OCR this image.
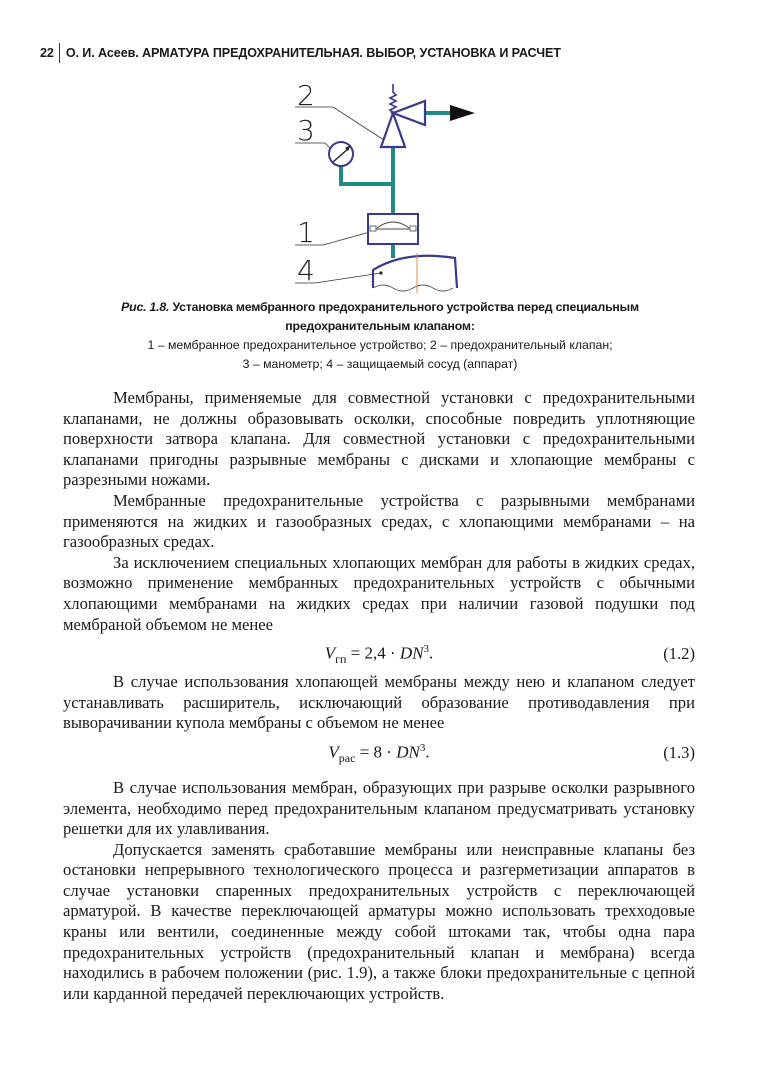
22 О. И. Асеев. АРМАТУРА ПРЕДОХРАНИТЕЛЬНАЯ. ВЫБОР, УСТАНОВКА И РАСЧЕТ
2
3
1
4
Рис. 1.8. Установка мембранного предохранительного устройства перед специальным
предохранительным клапаном:
1 – мембранное предохранительное устройство; 2 – предохранительный клапан;
3 – манометр; 4 – защищаемый сосуд (аппарат)

Мембраны, применяемые для совместной установки с предохранительными клапанами, не должны образовывать осколки, способные повредить уплотняющие поверхности затвора клапана. Для совместной установки с предохранительными клапанами пригодны разрывные мембраны с дисками и хлопающие мембраны с разрезными ножами.

Мембранные предохранительные устройства с разрывными мембранами применяются на жидких и газообразных средах, с хлопающими мембранами – на газообразных средах.

За исключением специальных хлопающих мембран для работы в жидких средах, возможно применение мембранных предохранительных устройств с обычными хлопающими мембранами на жидких средах при наличии газовой подушки под мембраной объемом не менее

$V_{гп} = 2,4 \cdot DN^3$.	(1.2)

В случае использования хлопающей мембраны между нею и клапаном следует устанавливать расширитель, исключающий образование противодавления при выворачивании купола мембраны с объемом не менее

$V_{рас} = 8 \cdot DN^3$.	(1.3)

В случае использования мембран, образующих при разрыве осколки разрывного элемента, необходимо перед предохранительным клапаном предусматривать установку решетки для их улавливания.

Допускается заменять сработавшие мембраны или неисправные клапаны без остановки непрерывного технологического процесса и разгерметизации аппаратов в случае установки спаренных предохранительных устройств с переключающей арматурой. В качестве переключающей арматуры можно использовать трехходовые краны или вентили, соединенные между собой штоками так, чтобы одна пара предохранительных устройств (предохранительный клапан и мембрана) всегда находились в рабочем положении (рис. 1.9), а также блоки предохранительные с цепной или карданной передачей переключающих устройств.
